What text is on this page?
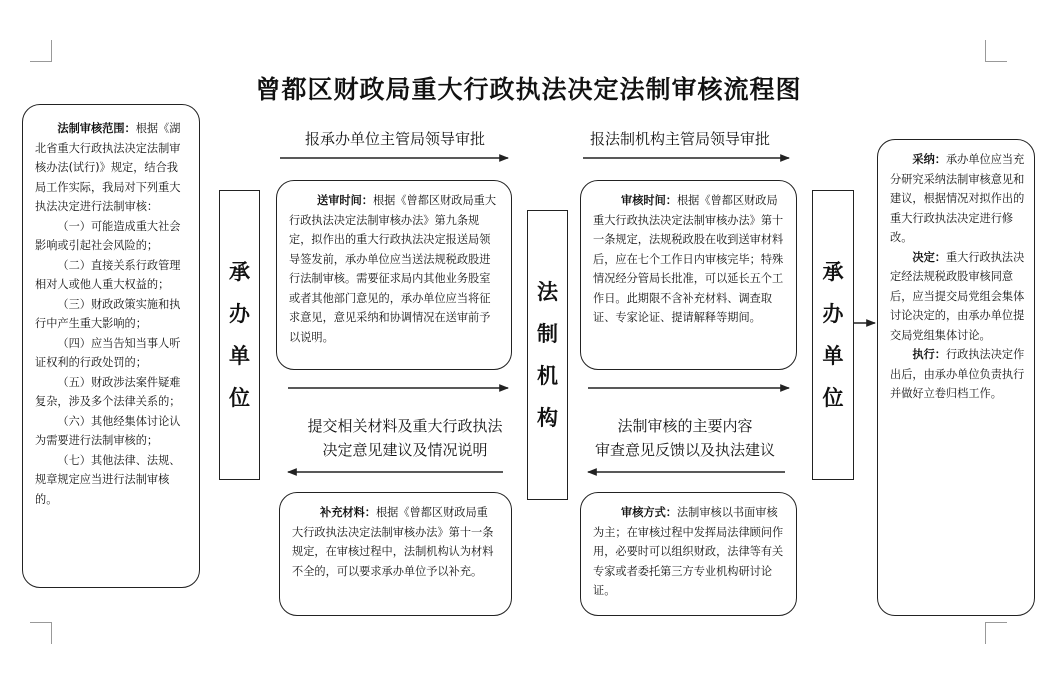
曾都区财政局重大行政执法决定法制审核流程图

法制审核范围：根据《湖北省重大行政执法决定法制审核办法(试行)》规定，结合我局工作实际，我局对下列重大执法决定进行法制审核：

（一）可能造成重大社会影响或引起社会风险的；

（二）直接关系行政管理相对人或他人重大权益的；

（三）财政政策实施和执行中产生重大影响的；

（四）应当告知当事人听证权利的行政处罚的；

（五）财政涉法案件疑难复杂，涉及多个法律关系的；

（六）其他经集体讨论认为需要进行法制审核的；

（七）其他法律、法规、规章规定应当进行法制审核的。

承
办
单
位
法
制
机
构
承
办
单
位
报承办单位主管局领导审批	报法制机构主管局领导审批
提交相关材料及重大行政执法
决定意见建议及情况说明
法制审核的主要内容
审查意见反馈以及执法建议

送审时间：根据《曾都区财政局重大行政执法决定法制审核办法》第九条规定，拟作出的重大行政执法决定报送局领导签发前，承办单位应当送法规税政股进行法制审核。需要征求局内其他业务股室或者其他部门意见的，承办单位应当将征求意见，意见采纳和协调情况在送审前予以说明。

审核时间：根据《曾都区财政局重大行政执法决定法制审核办法》第十一条规定，法规税政股在收到送审材料后，应在七个工作日内审核完毕；特殊情况经分管局长批准，可以延长五个工作日。此期限不含补充材料、调查取证、专家论证、提请解释等期间。

补充材料：根据《曾都区财政局重大行政执法决定法制审核办法》第十一条规定，在审核过程中，法制机构认为材料不全的，可以要求承办单位予以补充。

审核方式：法制审核以书面审核为主；在审核过程中发挥局法律顾问作用，必要时可以组织财政，法律等有关专家或者委托第三方专业机构研讨论证。

采纳：承办单位应当充分研究采纳法制审核意见和建议，根据情况对拟作出的重大行政执法决定进行修改。

决定：重大行政执法决定经法规税政股审核同意后，应当提交局党组会集体讨论决定的，由承办单位提交局党组集体讨论。

执行：行政执法决定作出后，由承办单位负责执行并做好立卷归档工作。
